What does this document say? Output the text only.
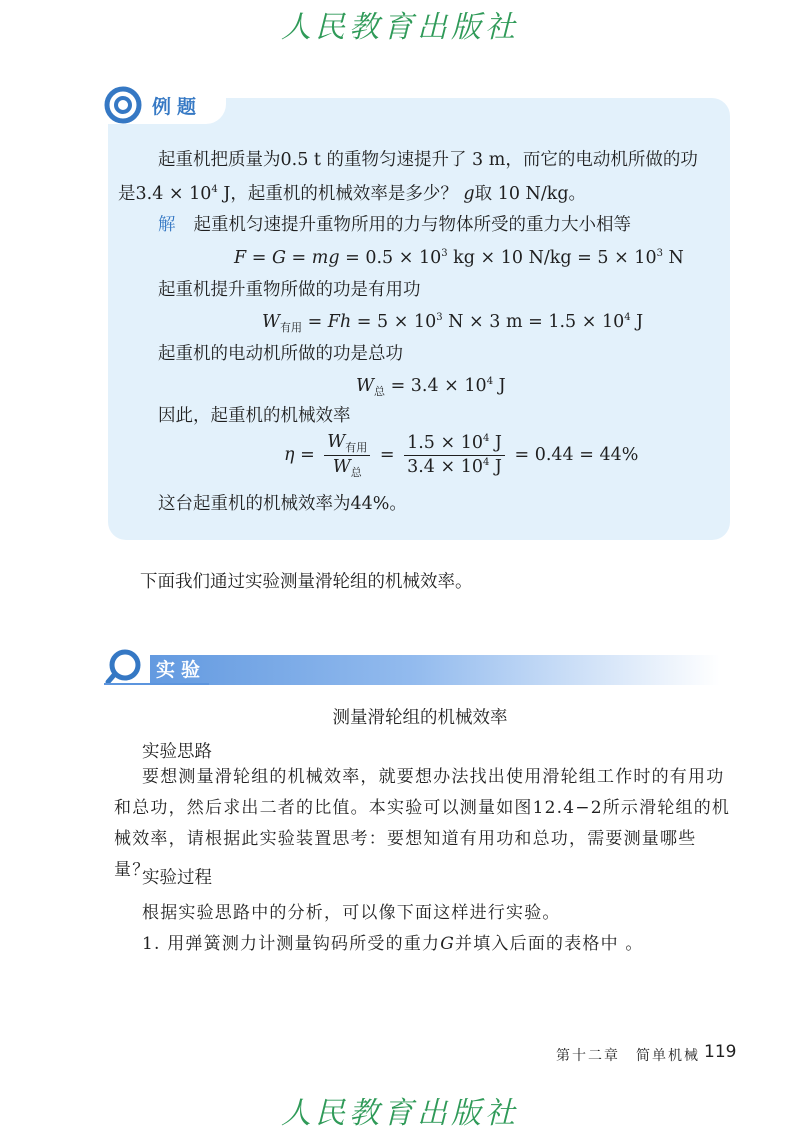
人民教育出版社
例题
起重机把质量为0.5 t 的重物匀速提升了 3 m，而它的电动机所做的功
是$3.4 \times 10^4$ J，起重机的机械效率是多少？ g取 10 N/kg。
解 起重机匀速提升重物所用的力与物体所受的重力大小相等
F = G = mg = $0.5 \times 10^3$ kg × 10 $N/kg = 5 \times 10^3$ N
起重机提升重物所做的功是有用功
$W_{有用} = Fh = 5 \times 10^3$ N × 3 $m = 1.5 \times 10^4$ J
起重机的电动机所做的功是总功
$W_总 = 3.4 \times 10^4$ J
因此，起重机的机械效率
$\eta = \frac{W_{有用}}{W_总} = \frac{1.5 \times 10^4 J}{3.4 \times 10^4 J} = 0.44 = 44\%$
这台起重机的机械效率为44%。
下面我们通过实验测量滑轮组的机械效率。
实验
测量滑轮组的机械效率
实验思路
要想测量滑轮组的机械效率，就要想办法找出使用滑轮组工作时的有用功和总功，然后求出二者的比值。本实验可以测量如图12.4−2所示滑轮组的机械效率，请根据此实验装置思考：要想知道有用功和总功，需要测量哪些量？
实验过程
根据实验思路中的分析，可以像下面这样进行实验。
1. 用弹簧测力计测量钩码所受的重力G并填入后面的表格中 。
第十二章　简单机械 119
人民教育出版社
